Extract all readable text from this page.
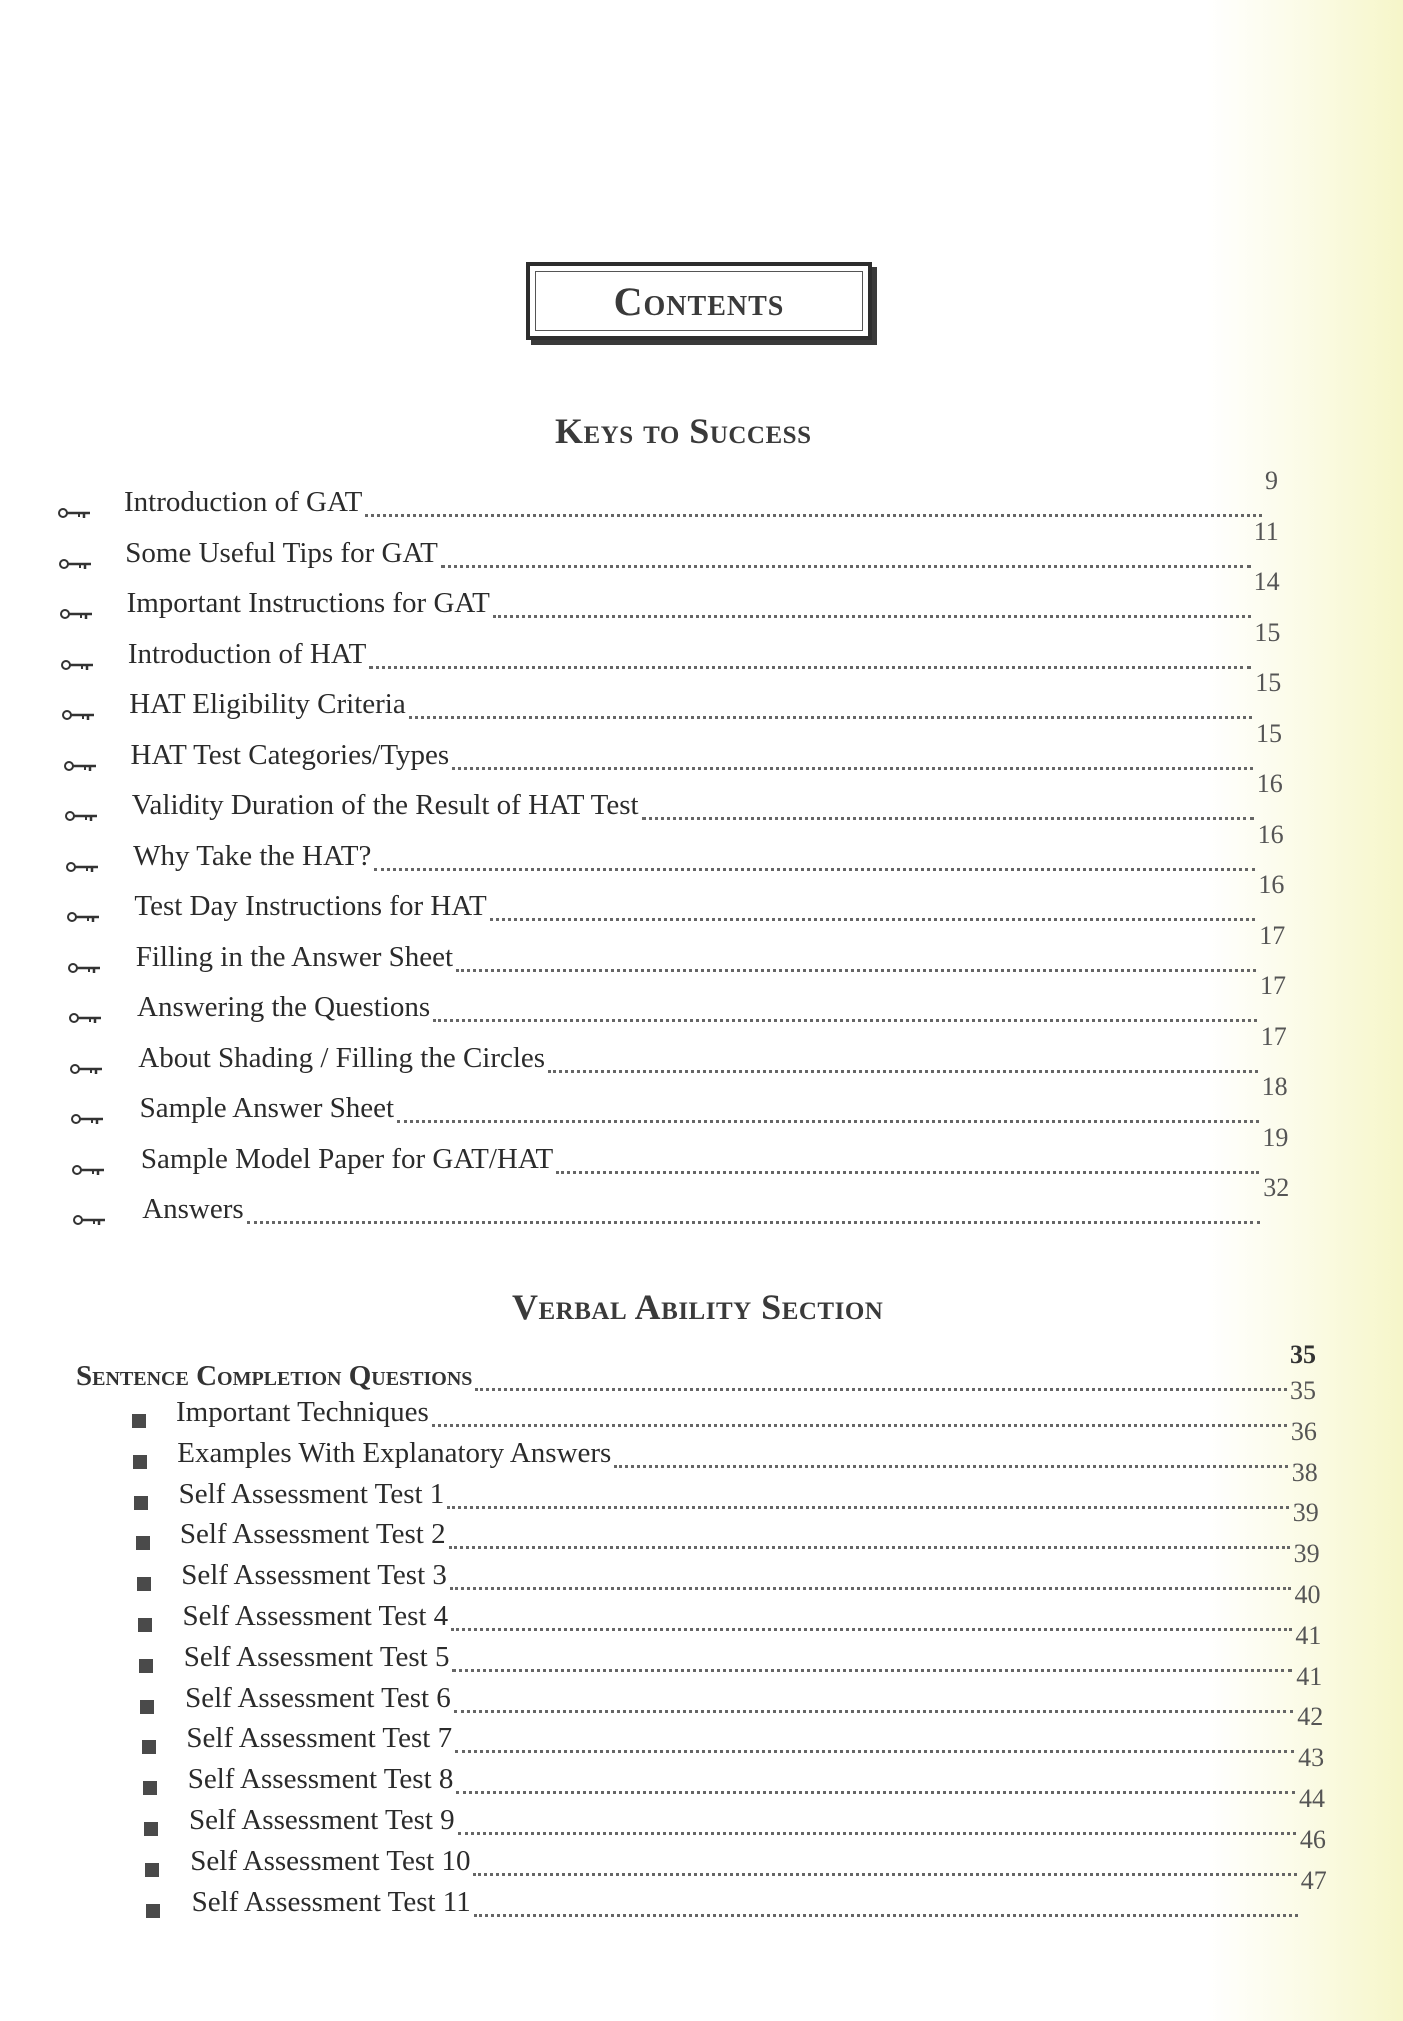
Contents
Keys to Success
Introduction of GAT
9
Some Useful Tips for GAT
11
Important Instructions for GAT
14
Introduction of HAT
15
HAT Eligibility Criteria
15
HAT Test Categories/Types
15
Validity Duration of the Result of HAT Test
16
Why Take the HAT?
16
Test Day Instructions for HAT
16
Filling in the Answer Sheet
17
Answering the Questions
17
About Shading / Filling the Circles
17
Sample Answer Sheet
18
Sample Model Paper for GAT/HAT
19
Answers
32
Verbal Ability Section
Sentence Completion Questions
35
Important Techniques
35
Examples With Explanatory Answers
36
Self Assessment Test 1
38
Self Assessment Test 2
39
Self Assessment Test 3
39
Self Assessment Test 4
40
Self Assessment Test 5
41
Self Assessment Test 6
41
Self Assessment Test 7
42
Self Assessment Test 8
43
Self Assessment Test 9
44
Self Assessment Test 10
46
Self Assessment Test 11
47
